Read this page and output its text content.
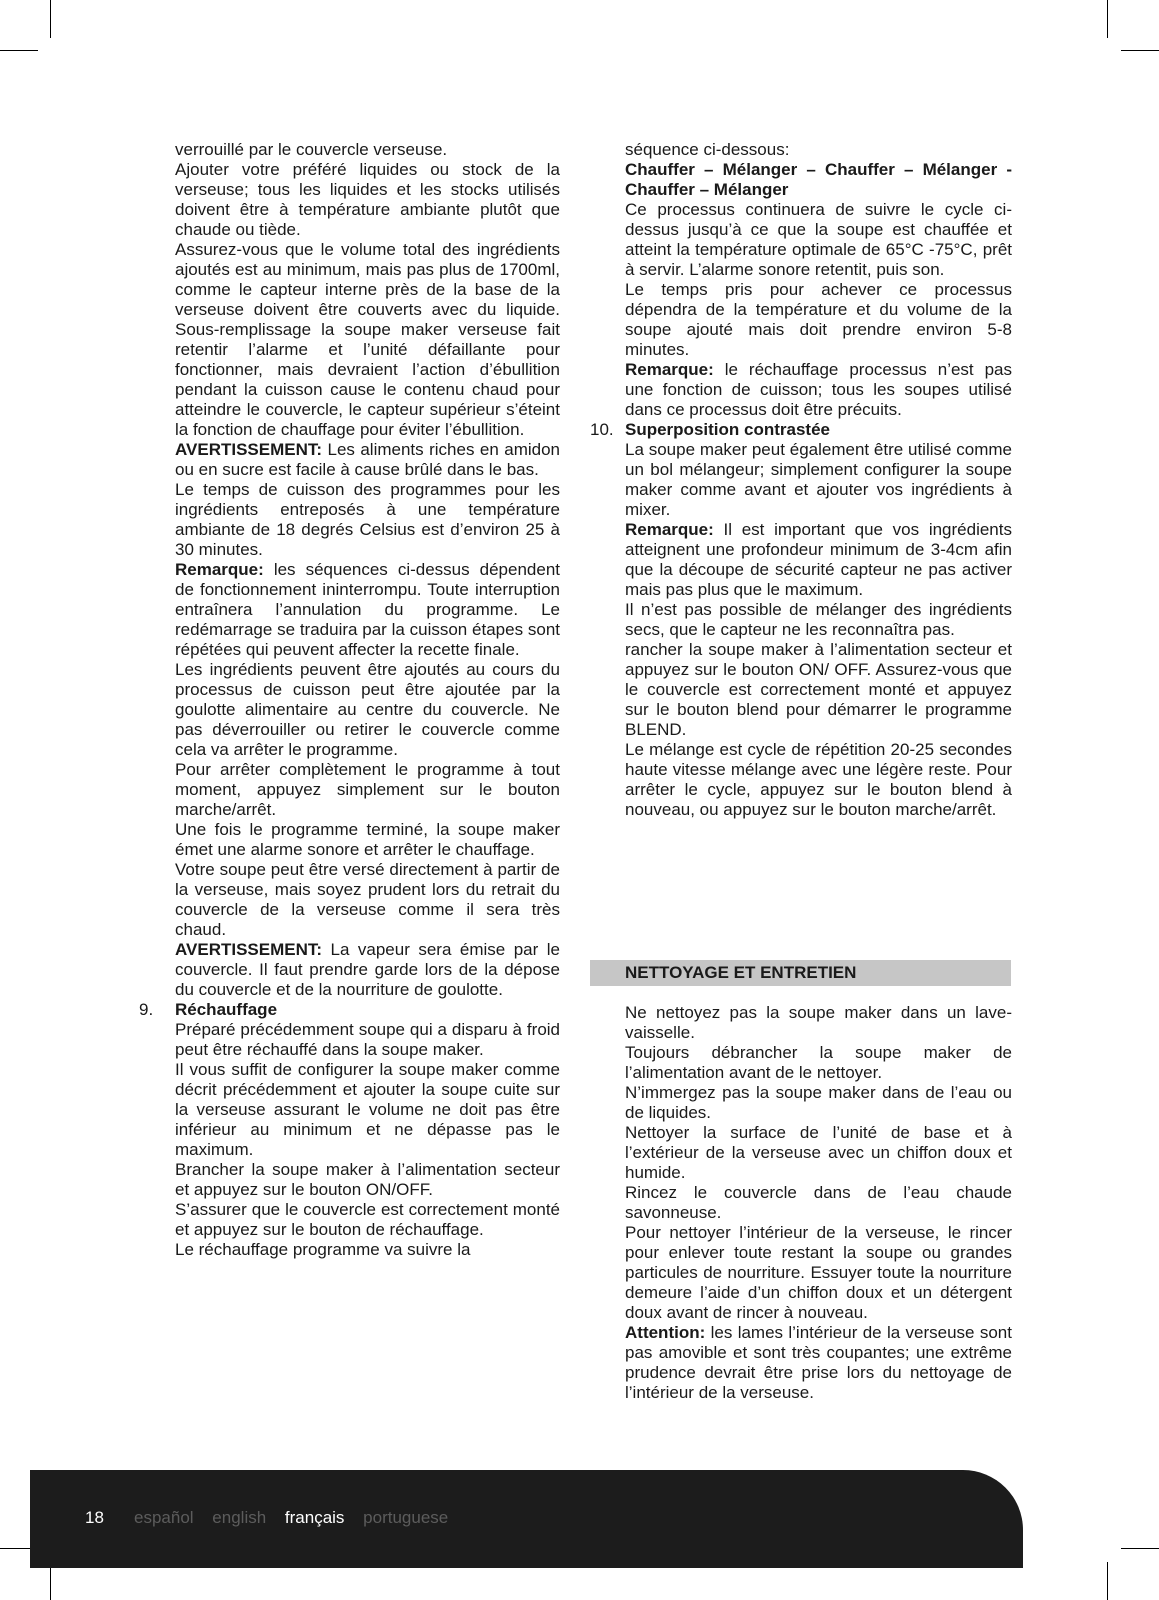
verrouillé par le couvercle verseuse.

Ajouter votre préféré liquides ou stock de la verseuse; tous les liquides et les stocks utilisés doivent être à température ambiante plutôt que chaude ou tiède.

Assurez-vous que le volume total des ingrédients ajoutés est au minimum, mais pas plus de 1700ml, comme le capteur interne près de la base de la verseuse doivent être couverts avec du liquide. Sous-remplissage la soupe maker verseuse fait retentir l’alarme et l’unité défaillante pour fonctionner, mais devraient l’action d’ébullition pendant la cuisson cause le contenu chaud pour atteindre le couvercle, le capteur supérieur s’éteint la fonction de chauffage pour éviter l’ébullition.

AVERTISSEMENT: Les aliments riches en amidon ou en sucre est facile à cause brûlé dans le bas.

Le temps de cuisson des programmes pour les ingrédients entreposés à une température ambiante de 18 degrés Celsius est d’environ 25 à 30 minutes.

Remarque: les séquences ci-dessus dépendent de fonctionnement ininterrompu. Toute interruption entraînera l’annulation du programme. Le redémarrage se traduira par la cuisson étapes sont répétées qui peuvent affecter la recette finale.

Les ingrédients peuvent être ajoutés au cours du processus de cuisson peut être ajoutée par la goulotte alimentaire au centre du couvercle. Ne pas déverrouiller ou retirer le couvercle comme cela va arrêter le programme.

Pour arrêter complètement le programme à tout moment, appuyez simplement sur le bouton marche/arrêt.

Une fois le programme terminé, la soupe maker émet une alarme sonore et arrêter le chauffage.

Votre soupe peut être versé directement à partir de la verseuse, mais soyez prudent lors du retrait du couvercle de la verseuse comme il sera très chaud.

AVERTISSEMENT: La vapeur sera émise par le couvercle. Il faut prendre garde lors de la dépose du couvercle et de la nourriture de goulotte.

9. Réchauffage

Préparé précédemment soupe qui a disparu à froid peut être réchauffé dans la soupe maker.

Il vous suffit de configurer la soupe maker comme décrit précédemment et ajouter la soupe cuite sur la verseuse assurant le volume ne doit pas être inférieur au minimum et ne dépasse pas le maximum.

Brancher la soupe maker à l’alimentation secteur et appuyez sur le bouton ON/OFF.

S’assurer que le couvercle est correctement monté et appuyez sur le bouton de réchauffage.

Le réchauffage programme va suivre la

séquence ci-dessous:

Chauffer – Mélanger – Chauffer – Mélanger - Chauffer – Mélanger

Ce processus continuera de suivre le cycle ci-dessus jusqu’à ce que la soupe est chauffée et atteint la température optimale de 65°C -75°C, prêt à servir. L’alarme sonore retentit, puis son.

Le temps pris pour achever ce processus dépendra de la température et du volume de la soupe ajouté mais doit prendre environ 5-8 minutes.

Remarque: le réchauffage processus n’est pas une fonction de cuisson; tous les soupes utilisé dans ce processus doit être précuits.

10. Superposition contrastée

La soupe maker peut également être utilisé comme un bol mélangeur; simplement configurer la soupe maker comme avant et ajouter vos ingrédients à mixer.

Remarque: Il est important que vos ingrédients atteignent une profondeur minimum de 3-4cm afin que la découpe de sécurité capteur ne pas activer mais pas plus que le maximum.

Il n’est pas possible de mélanger des ingrédients secs, que le capteur ne les reconnaîtra pas.

rancher la soupe maker à l’alimentation secteur et appuyez sur le bouton ON/ OFF. Assurez-vous que le couvercle est correctement monté et appuyez sur le bouton blend pour démarrer le programme BLEND.

Le mélange est cycle de répétition 20-25 secondes haute vitesse mélange avec une légère reste. Pour arrêter le cycle, appuyez sur le bouton blend à nouveau, ou appuyez sur le bouton marche/arrêt.

NETTOYAGE ET ENTRETIEN

Ne nettoyez pas la soupe maker dans un lave-vaisselle.

Toujours débrancher la soupe maker de l’alimentation avant de le nettoyer.

N’immergez pas la soupe maker dans de l’eau ou de liquides.

Nettoyer la surface de l’unité de base et à l’extérieur de la verseuse avec un chiffon doux et humide.

Rincez le couvercle dans de l’eau chaude savonneuse.

Pour nettoyer l’intérieur de la verseuse, le rincer pour enlever toute restant la soupe ou grandes particules de nourriture. Essuyer toute la nourriture demeure l’aide d’un chiffon doux et un détergent doux avant de rincer à nouveau.

Attention: les lames l’intérieur de la verseuse sont pas amovible et sont très coupantes; une extrême prudence devrait être prise lors du nettoyage de l’intérieur de la verseuse.

18 español english français portuguese
